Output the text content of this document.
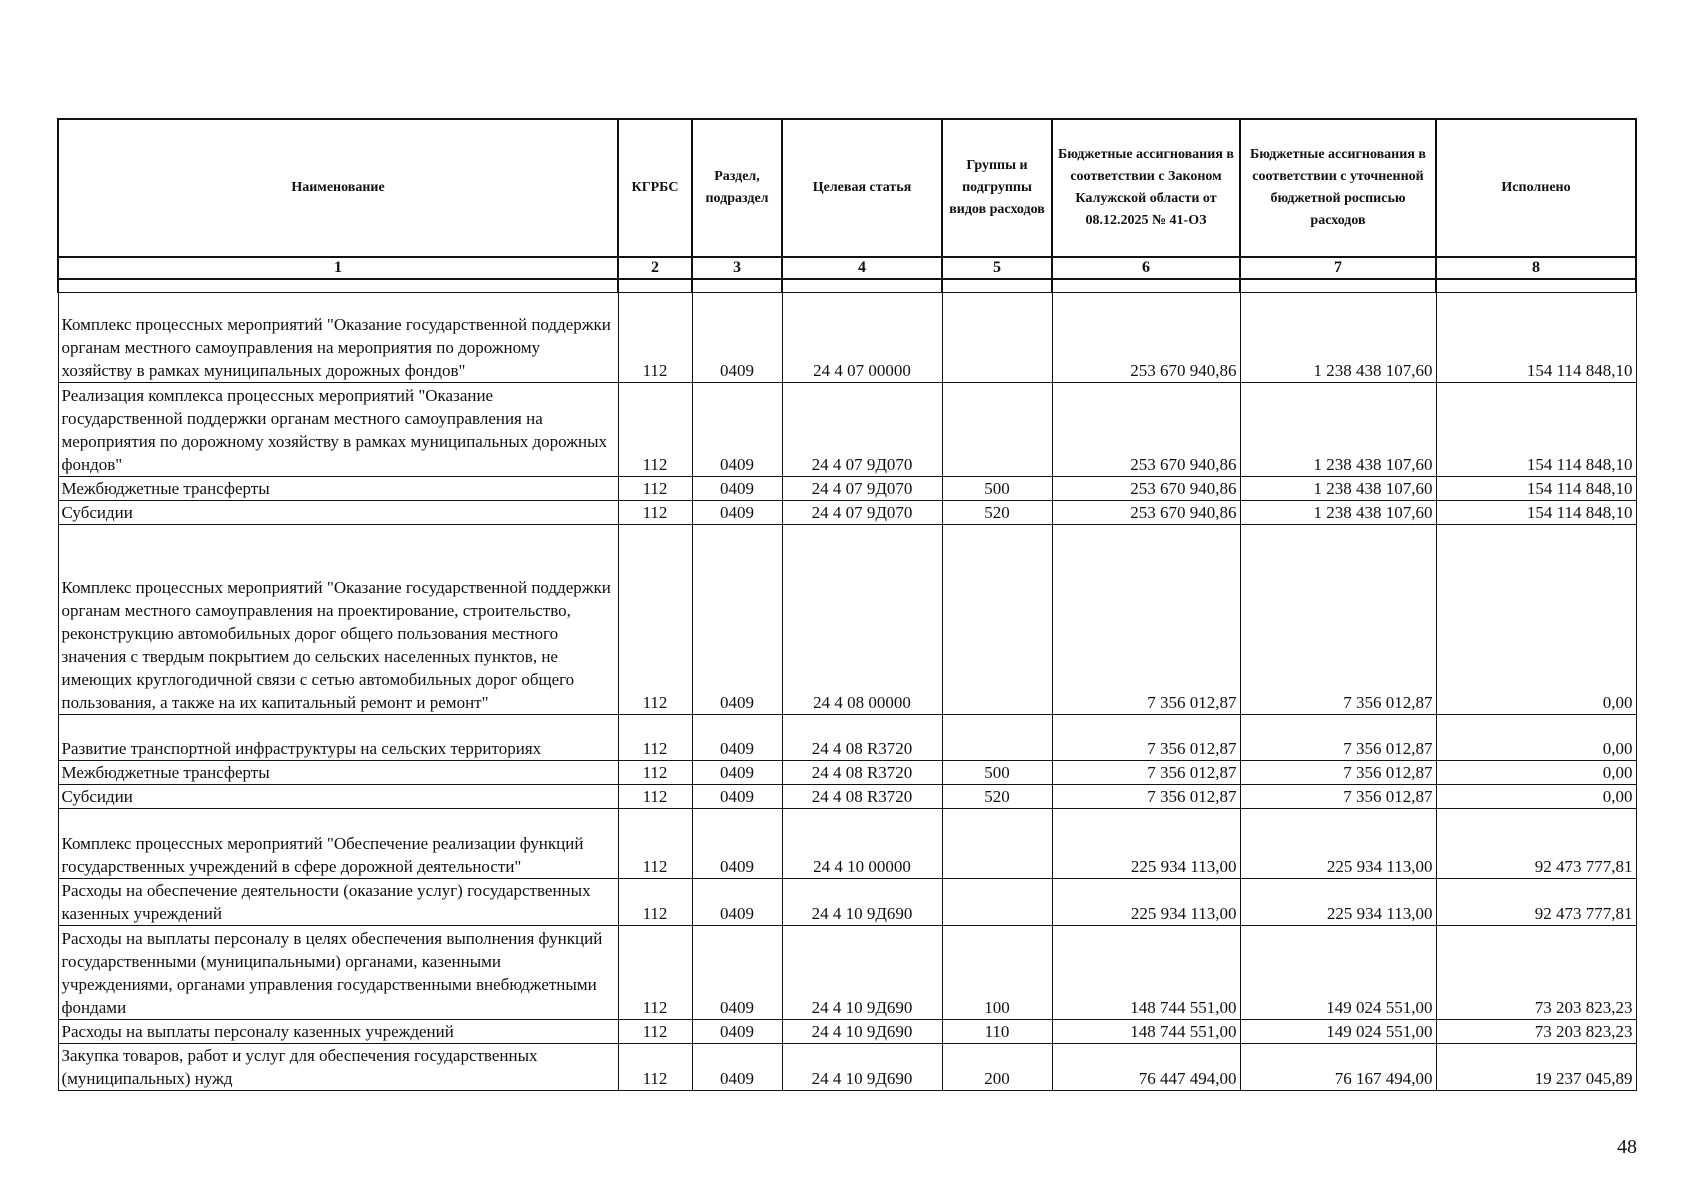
Наименование	КГРБС	Раздел, подраздел	Целевая статья	Группы и подгруппы видов расходов	Бюджетные ассигнования в соответствии с Законом Калужской области от 08.12.2025 № 41-ОЗ	Бюджетные ассигнования в соответствии с уточненной бюджетной росписью расходов	Исполнено
1	2	3	4	5	6	7	8

Комплекс процессных мероприятий "Оказание государственной поддержки органам местного самоуправления на мероприятия по дорожному хозяйству в рамках муниципальных дорожных фондов"	112	0409	24 4 07 00000		253 670 940,86	1 238 438 107,60	154 114 848,10
Реализация комплекса процессных мероприятий "Оказание государственной поддержки органам местного самоуправления на мероприятия по дорожному хозяйству в рамках муниципальных дорожных фондов"	112	0409	24 4 07 9Д070		253 670 940,86	1 238 438 107,60	154 114 848,10
Межбюджетные трансферты	112	0409	24 4 07 9Д070	500	253 670 940,86	1 238 438 107,60	154 114 848,10
Субсидии	112	0409	24 4 07 9Д070	520	253 670 940,86	1 238 438 107,60	154 114 848,10
Комплекс процессных мероприятий "Оказание государственной поддержки органам местного самоуправления на проектирование, строительство, реконструкцию автомобильных дорог общего пользования местного значения с твердым покрытием до сельских населенных пунктов, не имеющих круглогодичной связи с сетью автомобильных дорог общего пользования, а также на их капитальный ремонт и ремонт"	112	0409	24 4 08 00000		7 356 012,87	7 356 012,87	0,00
Развитие транспортной инфраструктуры на сельских территориях	112	0409	24 4 08 R3720		7 356 012,87	7 356 012,87	0,00
Межбюджетные трансферты	112	0409	24 4 08 R3720	500	7 356 012,87	7 356 012,87	0,00
Субсидии	112	0409	24 4 08 R3720	520	7 356 012,87	7 356 012,87	0,00
Комплекс процессных мероприятий "Обеспечение реализации функций государственных учреждений в сфере дорожной деятельности"	112	0409	24 4 10 00000		225 934 113,00	225 934 113,00	92 473 777,81
Расходы на обеспечение деятельности (оказание услуг) государственных казенных учреждений	112	0409	24 4 10 9Д690		225 934 113,00	225 934 113,00	92 473 777,81
Расходы на выплаты персоналу в целях обеспечения выполнения функций государственными (муниципальными) органами, казенными учреждениями, органами управления государственными внебюджетными фондами	112	0409	24 4 10 9Д690	100	148 744 551,00	149 024 551,00	73 203 823,23
Расходы на выплаты персоналу казенных учреждений	112	0409	24 4 10 9Д690	110	148 744 551,00	149 024 551,00	73 203 823,23
Закупка товаров, работ и услуг для обеспечения государственных (муниципальных) нужд	112	0409	24 4 10 9Д690	200	76 447 494,00	76 167 494,00	19 237 045,89
48
